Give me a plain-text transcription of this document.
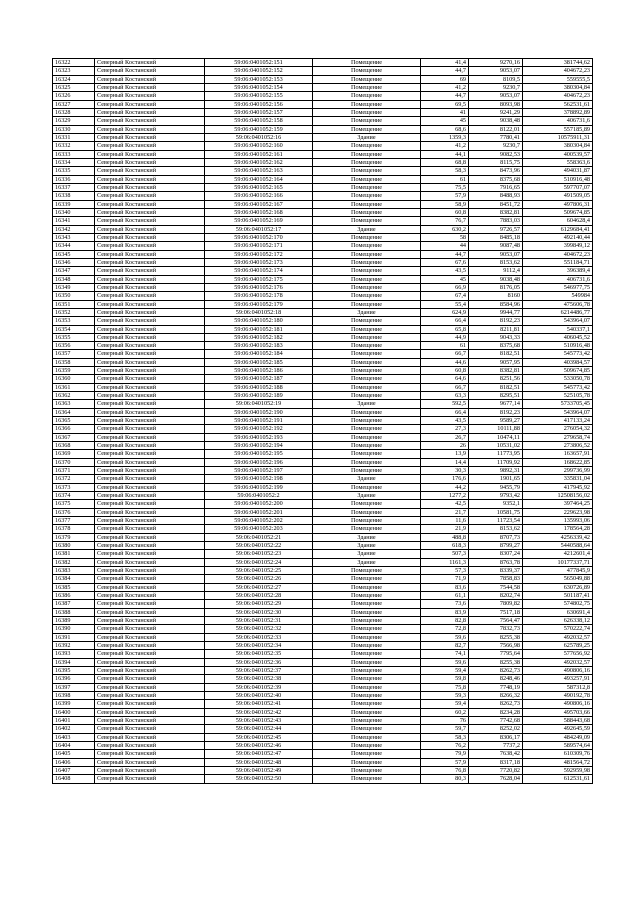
16322	Северный Костанский	59:06:0401052:151	Помещение	41,4	9270,16	381744,62
16323	Северный Костанский	59:06:0401052:152	Помещение	44,7	9053,07	404672,23
16324	Северный Костанский	59:06:0401052:153	Помещение	69	8109,5	559555,5
16325	Северный Костанский	59:06:0401052:154	Помещение	41,2	9230,7	380304,84
16326	Северный Костанский	59:06:0401052:155	Помещение	44,7	9053,07	404672,23
16327	Северный Костанский	59:06:0401052:156	Помещение	69,5	8093,98	562531,61
16328	Северный Костанский	59:06:0401052:157	Помещение	41	9241,29	378892,89
16329	Северный Костанский	59:06:0401052:158	Помещение	45	9038,48	406731,6
16330	Северный Костанский	59:06:0401052:159	Помещение	68,6	8122,01	557185,89
16331	Северный Костанский	59:06:0401052:16	Здание	1359,3	7780,41	10575911,31
16332	Северный Костанский	59:06:0401052:160	Помещение	41,2	9230,7	380304,84
16333	Северный Костанский	59:06:0401052:161	Помещение	44,1	9082,53	400539,57
16334	Северный Костанский	59:06:0401052:162	Помещение	68,8	8115,75	558363,6
16335	Северный Костанский	59:06:0401052:163	Помещение	58,3	8473,96	494031,87
16336	Северный Костанский	59:06:0401052:164	Помещение	61	8375,68	510916,48
16337	Северный Костанский	59:06:0401052:165	Помещение	75,5	7916,65	597707,07
16338	Северный Костанский	59:06:0401052:166	Помещение	57,9	8488,93	491509,05
16339	Северный Костанский	59:06:0401052:167	Помещение	58,9	8451,72	497806,31
16340	Северный Костанский	59:06:0401052:168	Помещение	60,8	8382,81	509674,85
16341	Северный Костанский	59:06:0401052:169	Помещение	76,7	7883,03	604628,4
16342	Северный Костанский	59:06:0401052:17	Здание	630,2	9726,57	6129684,41
16343	Северный Костанский	59:06:0401052:170	Помещение	58	8485,18	492140,44
16344	Северный Костанский	59:06:0401052:171	Помещение	44	9087,48	399849,12
16345	Северный Костанский	59:06:0401052:172	Помещение	44,7	9053,07	404672,23
16346	Северный Костанский	59:06:0401052:173	Помещение	67,6	8153,62	551184,71
16347	Северный Костанский	59:06:0401052:174	Помещение	43,5	9112,4	396389,4
16348	Северный Костанский	59:06:0401052:175	Помещение	45	9038,48	406731,6
16349	Северный Костанский	59:06:0401052:176	Помещение	66,9	8176,05	546977,75
16350	Северный Костанский	59:06:0401052:178	Помещение	67,4	8160	549984
16351	Северный Костанский	59:06:0401052:179	Помещение	55,4	8584,96	475606,78
16352	Северный Костанский	59:06:0401052:18	Здание	624,9	9944,77	6214486,77
16353	Северный Костанский	59:06:0401052:180	Помещение	66,4	8192,23	543964,07
16354	Северный Костанский	59:06:0401052:181	Помещение	65,8	8211,81	540337,1
16355	Северный Костанский	59:06:0401052:182	Помещение	44,9	9043,33	406045,52
16356	Северный Костанский	59:06:0401052:183	Помещение	61	8375,68	510916,48
16357	Северный Костанский	59:06:0401052:184	Помещение	66,7	8182,51	545773,42
16358	Северный Костанский	59:06:0401052:185	Помещение	44,6	9057,95	403984,57
16359	Северный Костанский	59:06:0401052:186	Помещение	60,8	8382,81	509674,85
16360	Северный Костанский	59:06:0401052:187	Помещение	64,6	8251,56	533050,78
16361	Северный Костанский	59:06:0401052:188	Помещение	66,7	8182,51	545773,42
16362	Северный Костанский	59:06:0401052:189	Помещение	63,3	8295,51	525105,78
16363	Северный Костанский	59:06:0401052:19	Здание	592,5	9677,14	5733705,45
16364	Северный Костанский	59:06:0401052:190	Помещение	66,4	8192,23	543964,07
16365	Северный Костанский	59:06:0401052:191	Помещение	43,5	9589,27	417133,24
16366	Северный Костанский	59:06:0401052:192	Помещение	27,3	10111,88	276054,32
16367	Северный Костанский	59:06:0401052:193	Помещение	26,7	10474,11	279658,74
16368	Северный Костанский	59:06:0401052:194	Помещение	26	10531,02	273806,52
16369	Северный Костанский	59:06:0401052:195	Помещение	13,9	11773,95	163657,91
16370	Северный Костанский	59:06:0401052:196	Помещение	14,4	11709,92	168622,85
16371	Северный Костанский	59:06:0401052:197	Помещение	30,3	9892,31	299736,99
16372	Северный Костанский	59:06:0401052:198	Здание	176,6	1901,65	335831,04
16373	Северный Костанский	59:06:0401052:199	Помещение	44,2	9455,79	417945,92
16374	Северный Костанский	59:06:0401052:2	Здание	1277,2	9793,42	12508156,02
16375	Северный Костанский	59:06:0401052:200	Помещение	42,5	9352,1	397464,25
16376	Северный Костанский	59:06:0401052:201	Помещение	21,7	10581,75	229623,98
16377	Северный Костанский	59:06:0401052:202	Помещение	11,6	11723,54	135993,06
16378	Северный Костанский	59:06:0401052:203	Помещение	21,9	8153,62	178564,28
16379	Северный Костанский	59:06:0401052:21	Здание	488,8	8707,73	4256339,42
16380	Северный Костанский	59:06:0401052:22	Здание	618,3	8799,27	5440588,64
16381	Северный Костанский	59:06:0401052:23	Здание	507,3	8307,24	4212601,4
16382	Северный Костанский	59:06:0401052:24	Здание	1161,3	8763,78	10177337,71
16383	Северный Костанский	59:06:0401052:25	Помещение	57,3	8339,37	477845,9
16384	Северный Костанский	59:06:0401052:26	Помещение	71,9	7858,83	565049,88
16385	Северный Костанский	59:06:0401052:27	Помещение	83,6	7544,58	630726,89
16386	Северный Костанский	59:06:0401052:28	Помещение	61,1	8202,74	501187,41
16387	Северный Костанский	59:06:0401052:29	Помещение	73,6	7809,82	574802,75
16388	Северный Костанский	59:06:0401052:30	Помещение	83,9	7517,18	630691,4
16389	Северный Костанский	59:06:0401052:31	Помещение	82,8	7564,47	626338,12
16390	Северный Костанский	59:06:0401052:32	Помещение	72,8	7832,73	570222,74
16391	Северный Костанский	59:06:0401052:33	Помещение	59,6	8255,38	492032,57
16392	Северный Костанский	59:06:0401052:34	Помещение	82,7	7566,98	625789,25
16393	Северный Костанский	59:06:0401052:35	Помещение	74,1	7795,64	577656,92
16394	Северный Костанский	59:06:0401052:36	Помещение	59,6	8255,38	492032,57
16395	Северный Костанский	59:06:0401052:37	Помещение	59,4	8262,73	490806,16
16396	Северный Костанский	59:06:0401052:38	Помещение	59,8	8248,46	493257,91
16397	Северный Костанский	59:06:0401052:39	Помещение	75,8	7748,19	587312,8
16398	Северный Костанский	59:06:0401052:40	Помещение	59,3	8266,32	490192,78
16399	Северный Костанский	59:06:0401052:41	Помещение	59,4	8262,73	490806,16
16400	Северный Костанский	59:06:0401052:42	Помещение	60,2	8234,28	495703,66
16401	Северный Костанский	59:06:0401052:43	Помещение	76	7742,68	588443,68
16402	Северный Костанский	59:06:0401052:44	Помещение	59,7	8252,02	492645,59
16403	Северный Костанский	59:06:0401052:45	Помещение	58,3	8306,17	484249,09
16404	Северный Костанский	59:06:0401052:46	Помещение	76,2	7737,2	589574,64
16405	Северный Костанский	59:06:0401052:47	Помещение	79,9	7638,42	610309,76
16406	Северный Костанский	59:06:0401052:48	Помещение	57,9	8317,18	481564,72
16407	Северный Костанский	59:06:0401052:49	Помещение	76,8	7720,82	592959,98
16408	Северный Костанский	59:06:0401052:50	Помещение	80,3	7628,04	612531,61
